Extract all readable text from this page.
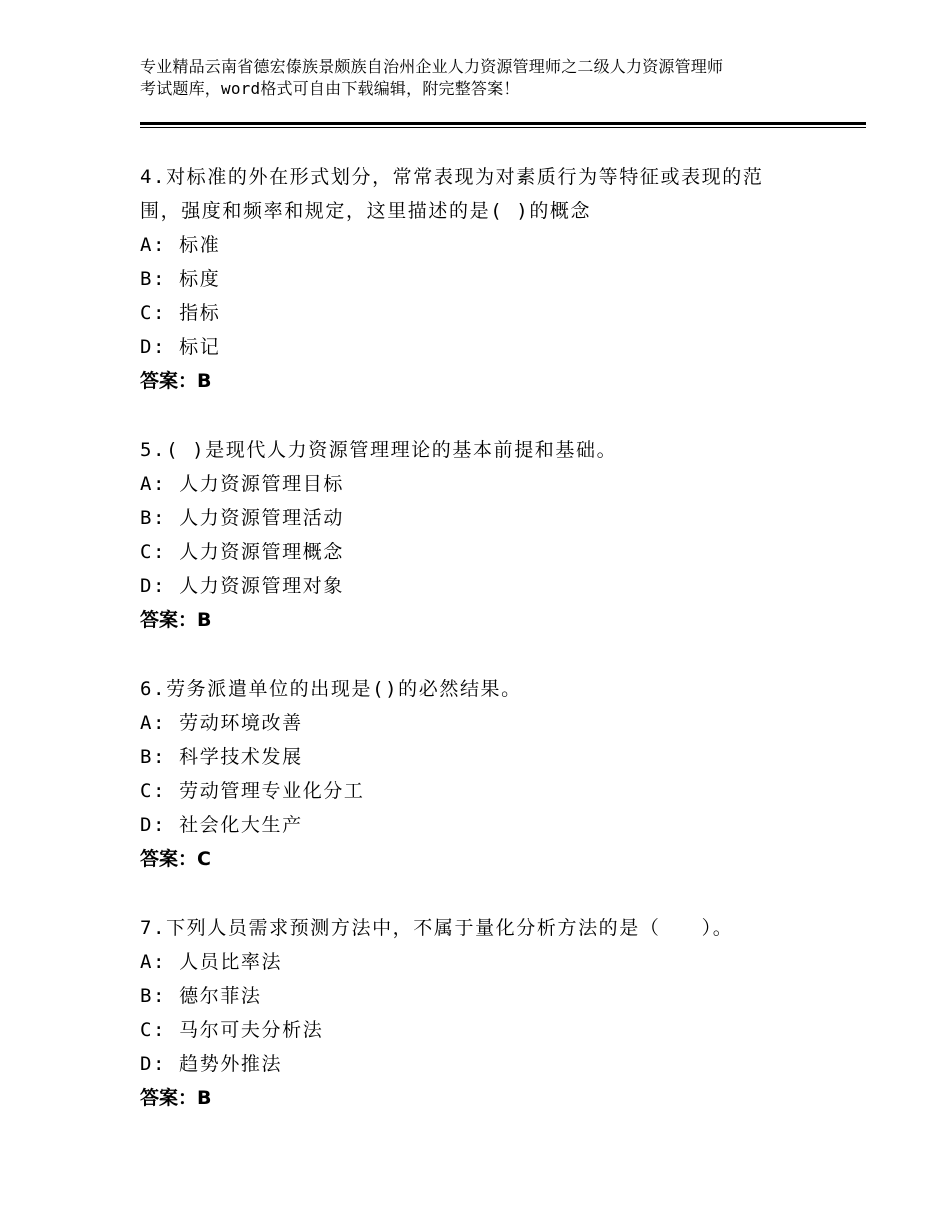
专业精品云南省德宏傣族景颇族自治州企业人力资源管理师之二级人力资源管理师
考试题库，word格式可自由下载编辑，附完整答案！

4.对标准的外在形式划分，常常表现为对素质行为等特征或表现的范

围，强度和频率和规定，这里描述的是( )的概念

A: 标准

B: 标度

C: 指标

D: 标记

答案：B

5.( )是现代人力资源管理理论的基本前提和基础。

A: 人力资源管理目标

B: 人力资源管理活动

C: 人力资源管理概念

D: 人力资源管理对象

答案：B

6.劳务派遣单位的出现是()的必然结果。

A: 劳动环境改善

B: 科学技术发展

C: 劳动管理专业化分工

D: 社会化大生产

答案：C

7.下列人员需求预测方法中，不属于量化分析方法的是（　　）。

A: 人员比率法

B: 德尔菲法

C: 马尔可夫分析法

D: 趋势外推法

答案：B
